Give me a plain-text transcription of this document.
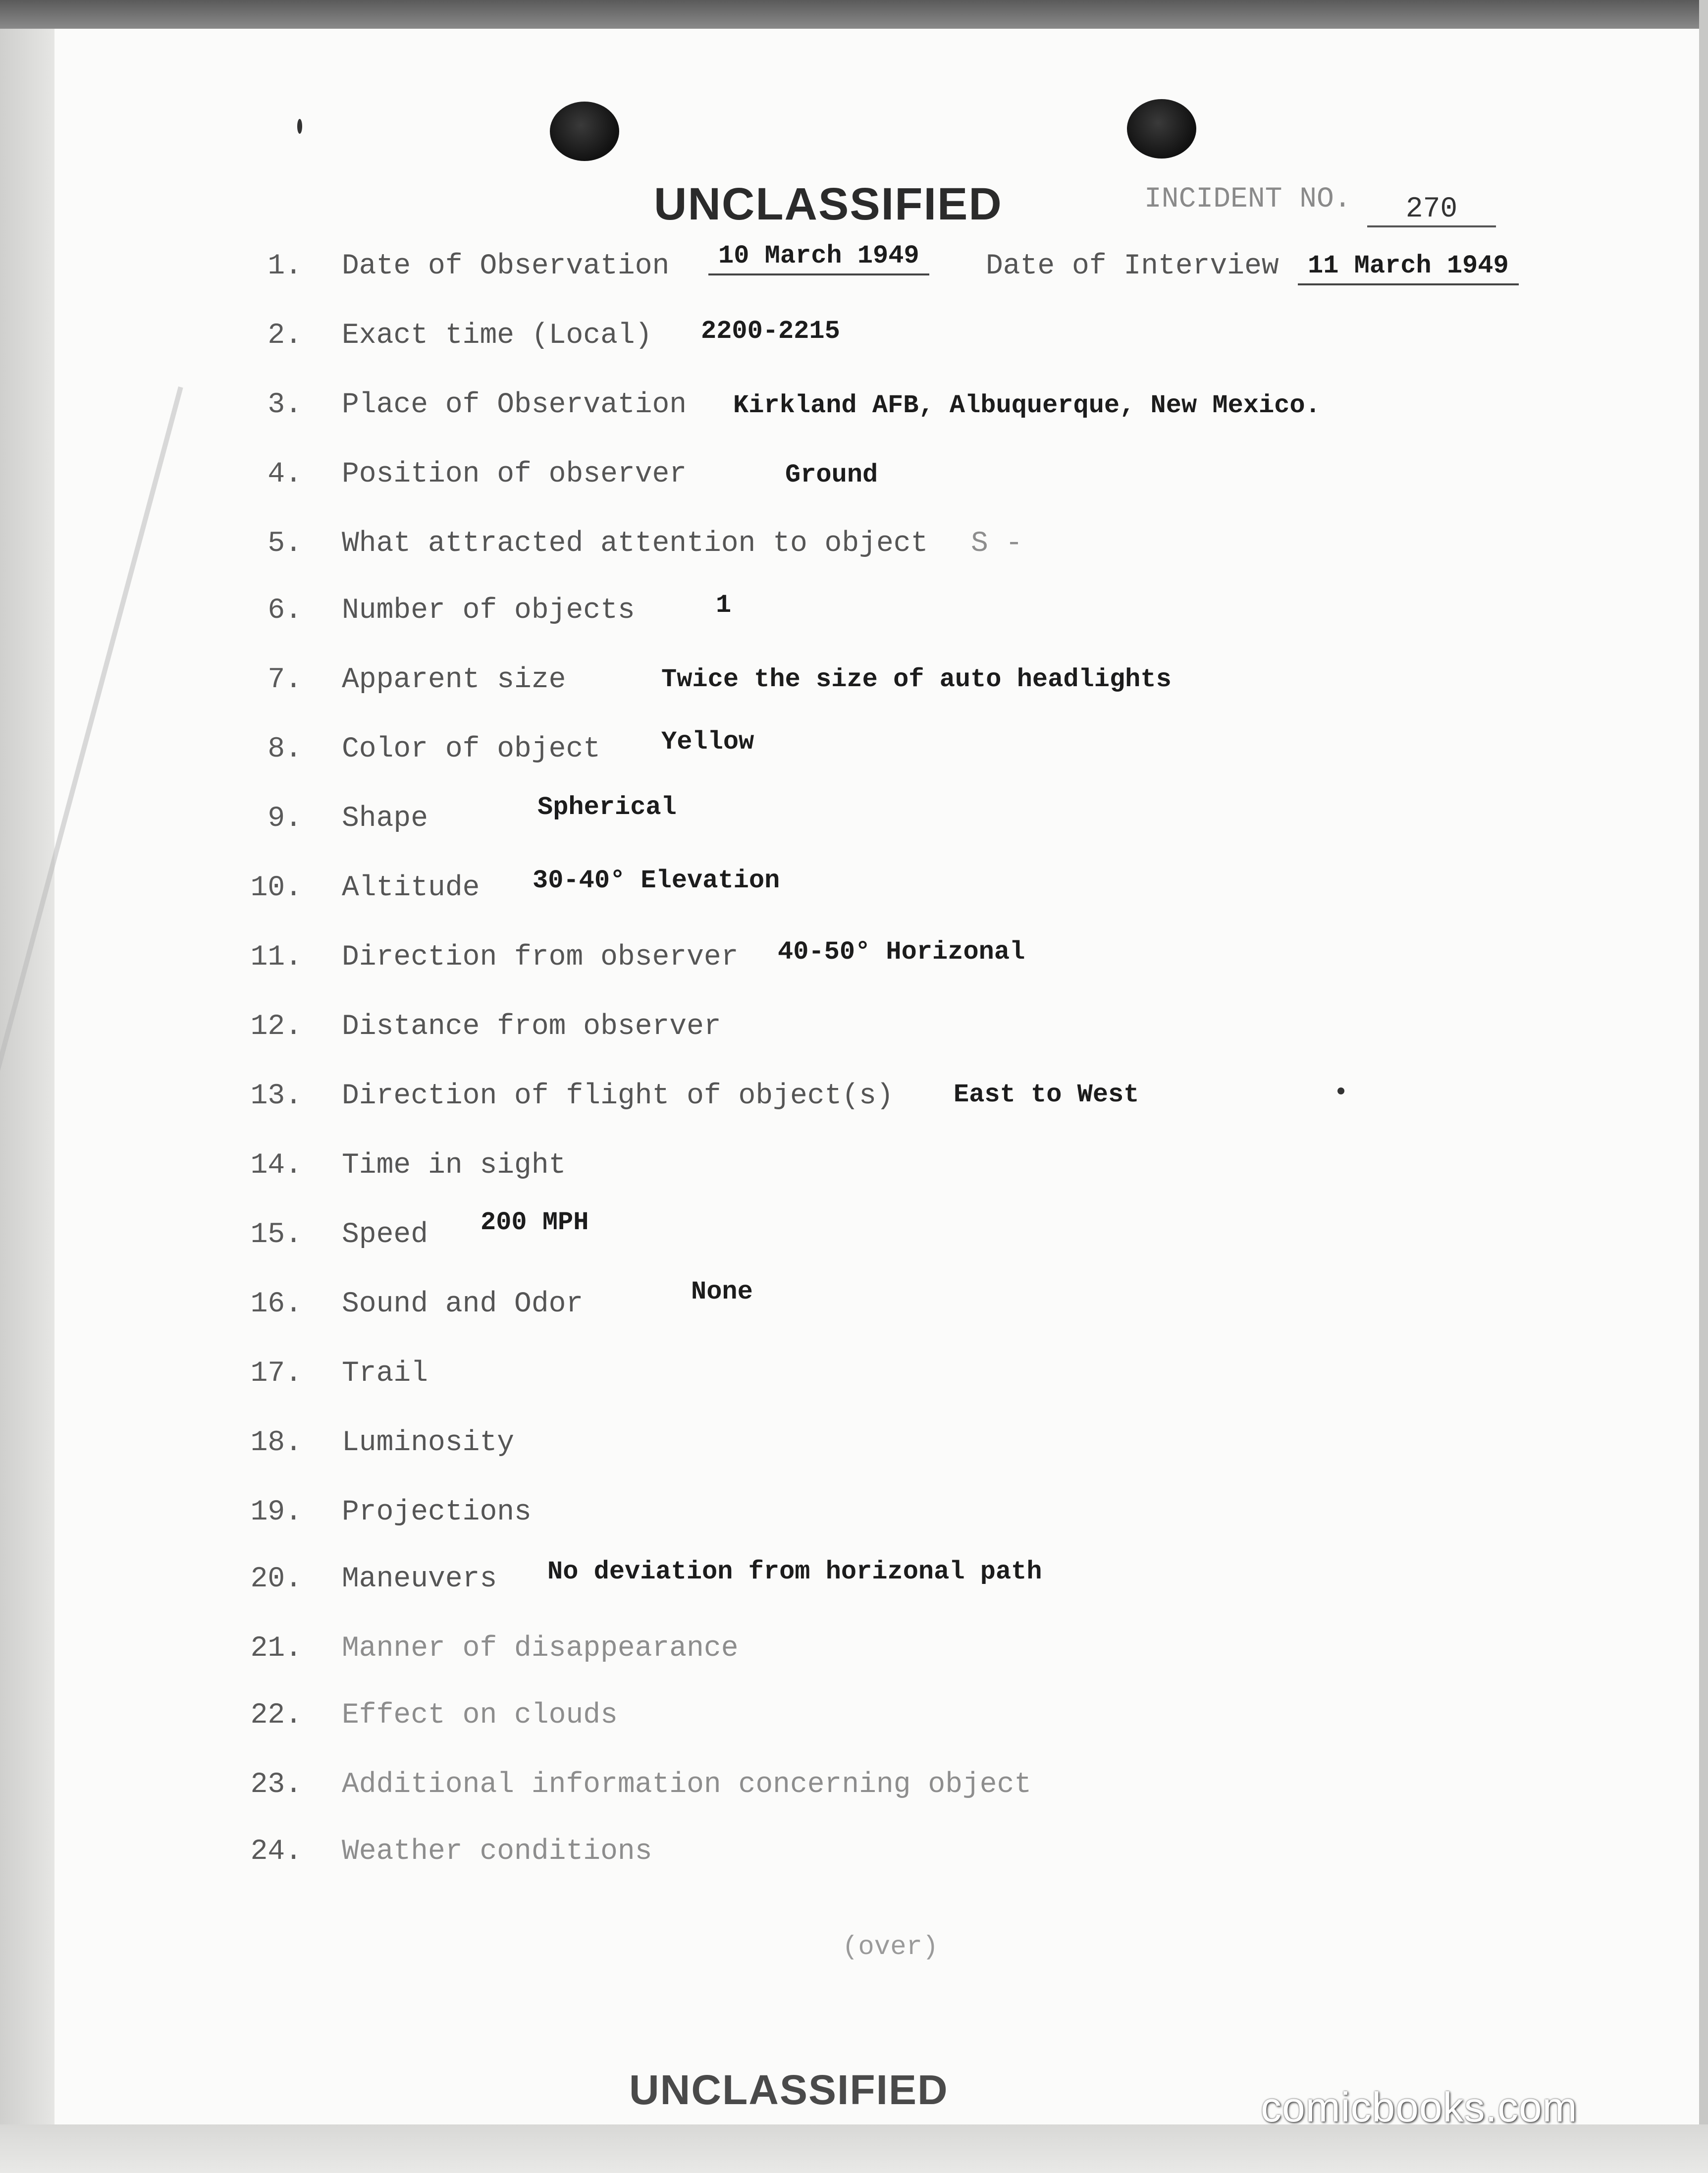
UNCLASSIFIED	INCIDENT NO.	270
1. Date of Observation	10 March 1949	Date of Interview	11 March 1949
2. Exact time (Local) 2200-2215
3. Place of Observation Kirkland AFB, Albuquerque, New Mexico.
4. Position of observer	Ground
5. What attracted attention to object S -
6. Number of objects	1
7. Apparent size	Twice the size of auto headlights
8. Color of object Yellow
9. Shape	Spherical
10. Altitude 30-40° Elevation
11. Direction from observer 40-50° Horizonal
12. Distance from observer
13. Direction of flight of object(s) East to West
14. Time in sight
15. Speed 200 MPH
16. Sound and Odor	None
17. Trail
18. Luminosity
19. Projections
20. Maneuvers No deviation from horizonal path
21. Manner of disappearance
22. Effect on clouds
23. Additional information concerning object
24. Weather conditions
(over)
UNCLASSIFIED	comicbooks.com
